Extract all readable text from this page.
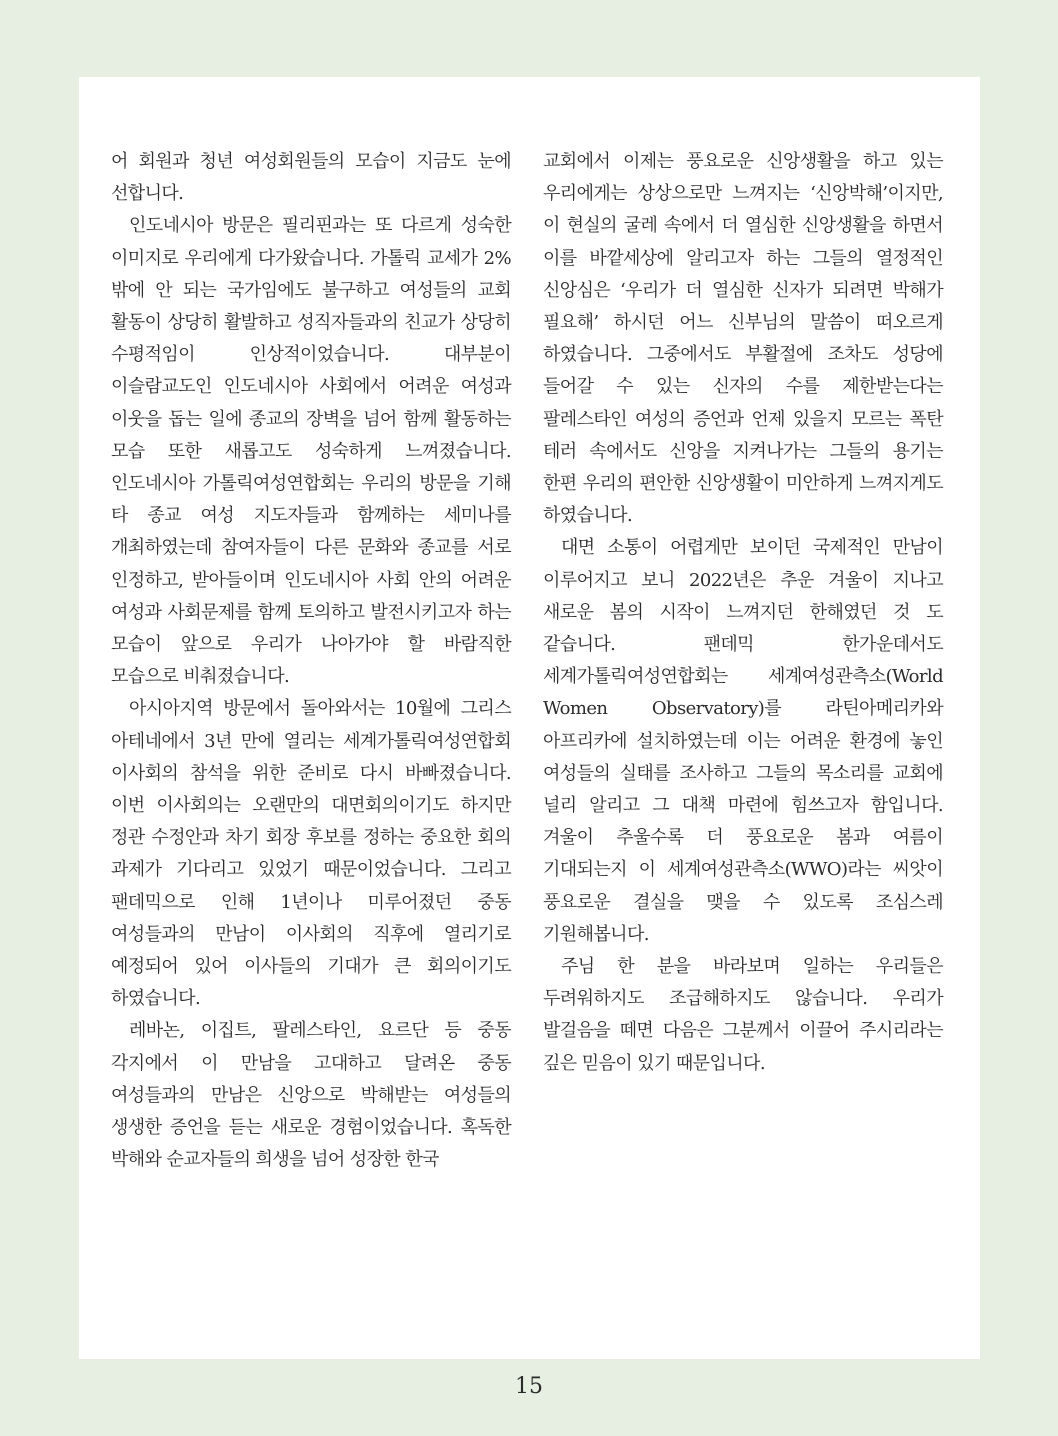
어 회원과 청년 여성회원들의 모습이 지금도 눈에 선합니다.

인도네시아 방문은 필리핀과는 또 다르게 성숙한 이미지로 우리에게 다가왔습니다. 가톨릭 교세가 2%밖에 안 되는 국가임에도 불구하고 여성들의 교회 활동이 상당히 활발하고 성직자들과의 친교가 상당히 수평적임이 인상적이었습니다. 대부분이 이슬람교도인 인도네시아 사회에서 어려운 여성과 이웃을 돕는 일에 종교의 장벽을 넘어 함께 활동하는 모습 또한 새롭고도 성숙하게 느껴졌습니다. 인도네시아 가톨릭여성연합회는 우리의 방문을 기해 타 종교 여성 지도자들과 함께하는 세미나를 개최하였는데 참여자들이 다른 문화와 종교를 서로 인정하고, 받아들이며 인도네시아 사회 안의 어려운 여성과 사회문제를 함께 토의하고 발전시키고자 하는 모습이 앞으로 우리가 나아가야 할 바람직한 모습으로 비춰졌습니다.

아시아지역 방문에서 돌아와서는 10월에 그리스 아테네에서 3년 만에 열리는 세계가톨릭여성연합회 이사회의 참석을 위한 준비로 다시 바빠졌습니다. 이번 이사회의는 오랜만의 대면회의이기도 하지만 정관 수정안과 차기 회장 후보를 정하는 중요한 회의 과제가 기다리고 있었기 때문이었습니다. 그리고 팬데믹으로 인해 1년이나 미루어졌던 중동 여성들과의 만남이 이사회의 직후에 열리기로 예정되어 있어 이사들의 기대가 큰 회의이기도 하였습니다.

레바논, 이집트, 팔레스타인, 요르단 등 중동 각지에서 이 만남을 고대하고 달려온 중동 여성들과의 만남은 신앙으로 박해받는 여성들의 생생한 증언을 듣는 새로운 경험이었습니다. 혹독한 박해와 순교자들의 희생을 넘어 성장한 한국

교회에서 이제는 풍요로운 신앙생활을 하고 있는 우리에게는 상상으로만 느껴지는 ‘신앙박해’이지만, 이 현실의 굴레 속에서 더 열심한 신앙생활을 하면서 이를 바깥세상에 알리고자 하는 그들의 열정적인 신앙심은 ‘우리가 더 열심한 신자가 되려면 박해가 필요해’ 하시던 어느 신부님의 말씀이 떠오르게 하였습니다. 그중에서도 부활절에 조차도 성당에 들어갈 수 있는 신자의 수를 제한받는다는 팔레스타인 여성의 증언과 언제 있을지 모르는 폭탄 테러 속에서도 신앙을 지켜나가는 그들의 용기는 한편 우리의 편안한 신앙생활이 미안하게 느껴지게도 하였습니다.

대면 소통이 어렵게만 보이던 국제적인 만남이 이루어지고 보니 2022년은 추운 겨울이 지나고 새로운 봄의 시작이 느껴지던 한해였던 것 도 같습니다. 팬데믹 한가운데서도 세계가톨릭여성연합회는 세계여성관측소(World Women Observatory)를 라틴아메리카와 아프리카에 설치하였는데 이는 어려운 환경에 놓인 여성들의 실태를 조사하고 그들의 목소리를 교회에 널리 알리고 그 대책 마련에 힘쓰고자 함입니다. 겨울이 추울수록 더 풍요로운 봄과 여름이 기대되는지 이 세계여성관측소(WWO)라는 씨앗이 풍요로운 결실을 맺을 수 있도록 조심스레 기원해봅니다.

주님 한 분을 바라보며 일하는 우리들은 두려워하지도 조급해하지도 않습니다. 우리가 발걸음을 떼면 다음은 그분께서 이끌어 주시리라는 깊은 믿음이 있기 때문입니다.

15
